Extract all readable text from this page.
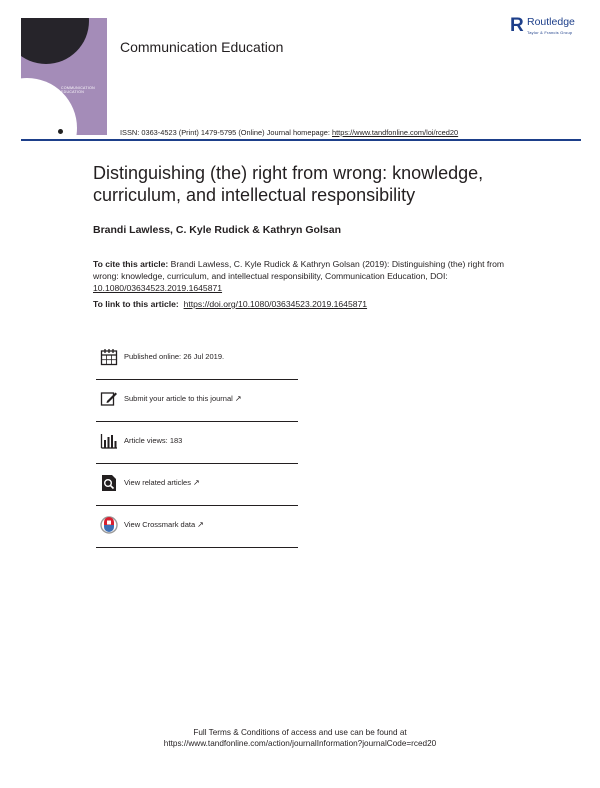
COMMUNICATION EDUCATION
Communication Education
R Routledge
Taylor & Francis Group
ISSN: 0363-4523 (Print) 1479-5795 (Online) Journal homepage: https://www.tandfonline.com/loi/rced20
Distinguishing (the) right from wrong: knowledge, curriculum, and intellectual responsibility
Brandi Lawless, C. Kyle Rudick & Kathryn Golsan
To cite this article: Brandi Lawless, C. Kyle Rudick & Kathryn Golsan (2019): Distinguishing (the) right from wrong: knowledge, curriculum, and intellectual responsibility, Communication Education, DOI: 10.1080/03634523.2019.1645871
To link to this article: https://doi.org/10.1080/03634523.2019.1645871
Published online: 26 Jul 2019.
Submit your article to this journal ↗
Article views: 183
View related articles ↗
View Crossmark data ↗
Full Terms & Conditions of access and use can be found at
https://www.tandfonline.com/action/journalInformation?journalCode=rced20
